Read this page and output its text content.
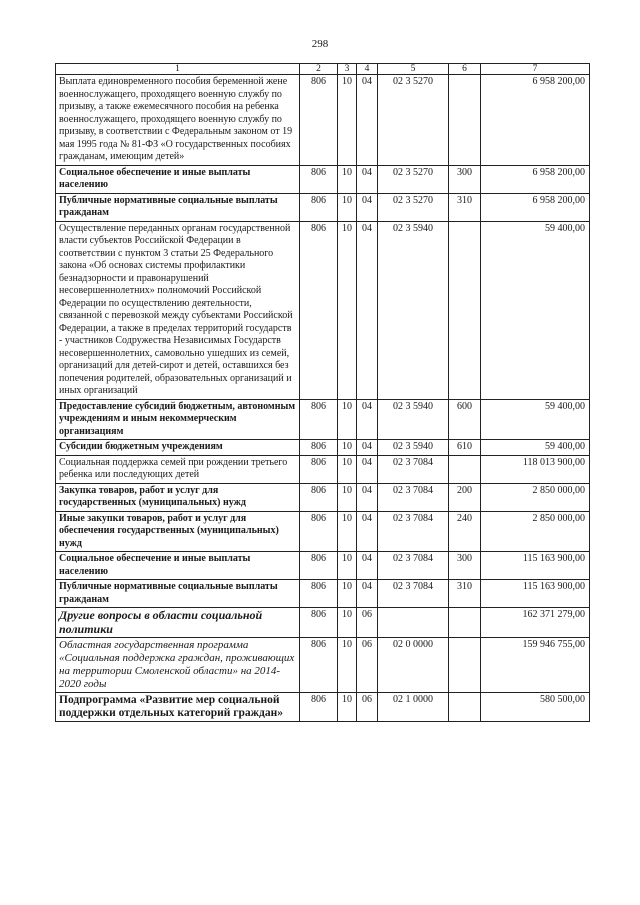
298
1	2	3	4	5	6	7
Выплата единовременного пособия беременной жене военнослужащего, проходящего военную службу по призыву, а также ежемесячного пособия на ребенка военнослужащего, проходящего военную службу по призыву, в соответствии с Федеральным законом от 19 мая 1995 года № 81-ФЗ «О государственных пособиях гражданам, имеющим детей»	806	10	04	02 3 5270		6 958 200,00
Социальное обеспечение и иные выплаты населению	806	10	04	02 3 5270	300	6 958 200,00
Публичные нормативные социальные выплаты гражданам	806	10	04	02 3 5270	310	6 958 200,00
Осуществление переданных органам государственной власти субъектов Российской Федерации в соответствии с пунктом 3 статьи 25 Федерального закона «Об основах системы профилактики безнадзорности и правонарушений несовершеннолетних» полномочий Российской Федерации по осуществлению деятельности, связанной с перевозкой между субъектами Российской Федерации, а также в пределах территорий государств - участников Содружества Независимых Государств несовершеннолетних, самовольно ушедших из семей, организаций для детей-сирот и детей, оставшихся без попечения родителей, образовательных организаций и иных организаций	806	10	04	02 3 5940		59 400,00
Предоставление субсидий бюджетным, автономным учреждениям и иным некоммерческим организациям	806	10	04	02 3 5940	600	59 400,00
Субсидии бюджетным учреждениям	806	10	04	02 3 5940	610	59 400,00
Социальная поддержка семей при рождении третьего ребенка или последующих детей	806	10	04	02 3 7084		118 013 900,00
Закупка товаров, работ и услуг для государственных (муниципальных) нужд	806	10	04	02 3 7084	200	2 850 000,00
Иные закупки товаров, работ и услуг для обеспечения государственных (муниципальных) нужд	806	10	04	02 3 7084	240	2 850 000,00
Социальное обеспечение и иные выплаты населению	806	10	04	02 3 7084	300	115 163 900,00
Публичные нормативные социальные выплаты гражданам	806	10	04	02 3 7084	310	115 163 900,00
Другие вопросы в области социальной политики	806	10	06			162 371 279,00
Областная государственная программа «Социальная поддержка граждан, проживающих на территории Смоленской области» на 2014-2020 годы	806	10	06	02 0 0000		159 946 755,00
Подпрограмма «Развитие мер социальной поддержки отдельных категорий граждан»	806	10	06	02 1 0000		580 500,00
